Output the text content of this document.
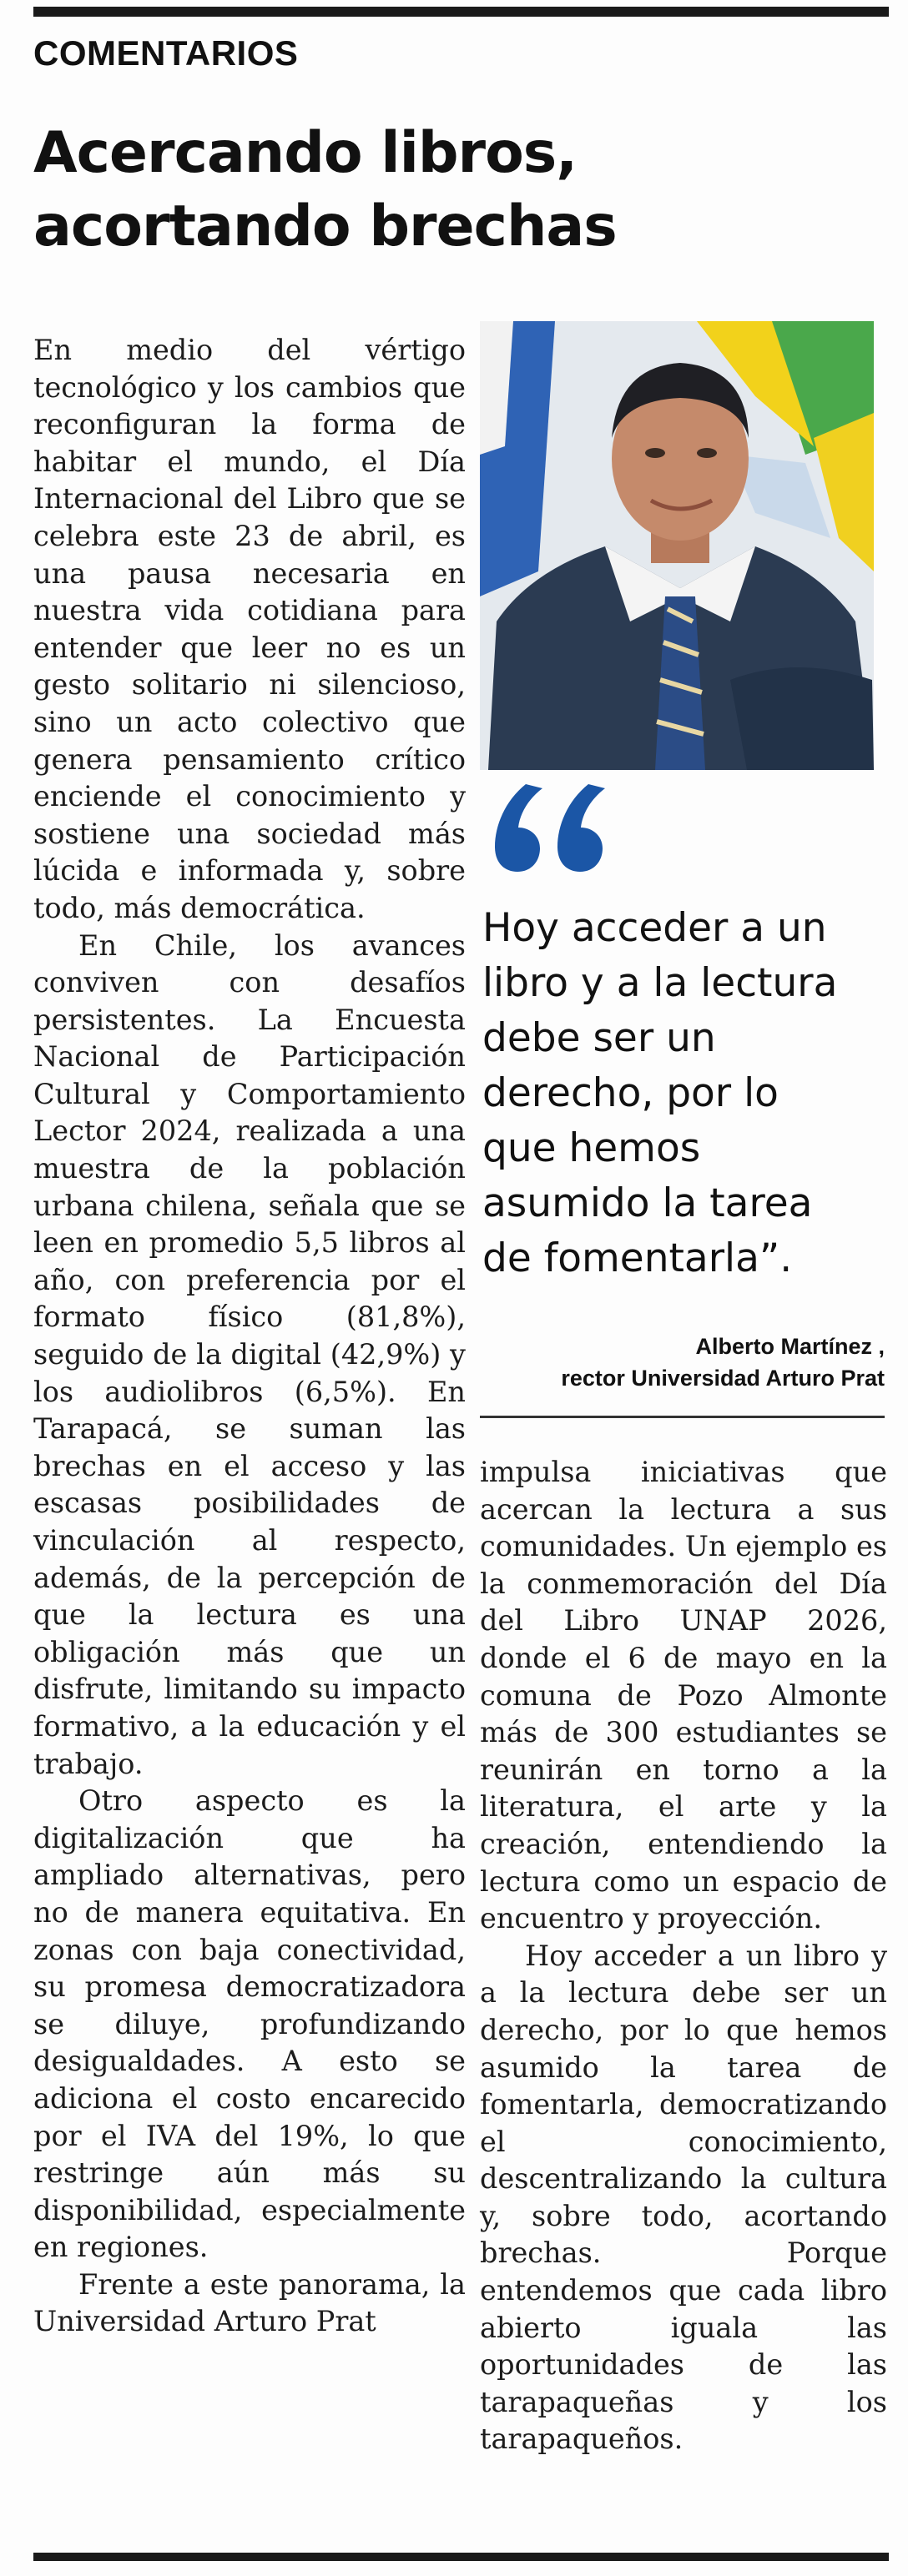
COMENTARIOS
Acercando libros,
acortando brechas

En medio del vértigo tecnológico y los cambios que reconfiguran la forma de habitar el mundo, el Día Internacional del Libro que se celebra este 23 de abril, es una pausa necesaria en nuestra vida cotidiana para entender que leer no es un gesto solitario ni silencioso, sino un acto colectivo que genera pensamiento crítico enciende el conocimiento y sostiene una sociedad más lúcida e informada y, sobre todo, más democrática.

En Chile, los avances conviven con desafíos persistentes. La Encuesta Nacional de Participación Cultural y Comportamiento Lector 2024, realizada a una muestra de la población urbana chilena, señala que se leen en promedio 5,5 libros al año, con preferencia por el formato físico (81,8%), seguido de la digital (42,9%) y los audiolibros (6,5%). En Tarapacá, se suman las brechas en el acceso y las escasas posibilidades de vinculación al respecto, además, de la percepción de que la lectura es una obligación más que un disfrute, limitando su impacto formativo, a la educación y el trabajo.

Otro aspecto es la digitalización que ha ampliado alternativas, pero no de manera equitativa. En zonas con baja conectividad, su promesa democratizadora se diluye, profundizando desigualdades. A esto se adiciona el costo encarecido por el IVA del 19%, lo que restringe aún más su disponibilidad, especialmente en regiones.

Frente a este panorama, la Universidad Arturo Prat

Hoy acceder a un
libro y a la lectura
debe ser un
derecho, por lo
que hemos
asumido la tarea
de fomentarla”.
Alberto Martínez ,
rector Universidad Arturo Prat

impulsa iniciativas que acercan la lectura a sus comunidades. Un ejemplo es la conmemoración del Día del Libro UNAP 2026, donde el 6 de mayo en la comuna de Pozo Almonte más de 300 estudiantes se reunirán en torno a la literatura, el arte y la creación, entendiendo la lectura como un espacio de encuentro y proyección.

Hoy acceder a un libro y a la lectura debe ser un derecho, por lo que hemos asumido la tarea de fomentarla, democratizando el conocimiento, descentralizando la cultura y, sobre todo, acortando brechas. Porque entendemos que cada libro abierto iguala las oportunidades de las tarapaqueñas y los tarapaqueños.
